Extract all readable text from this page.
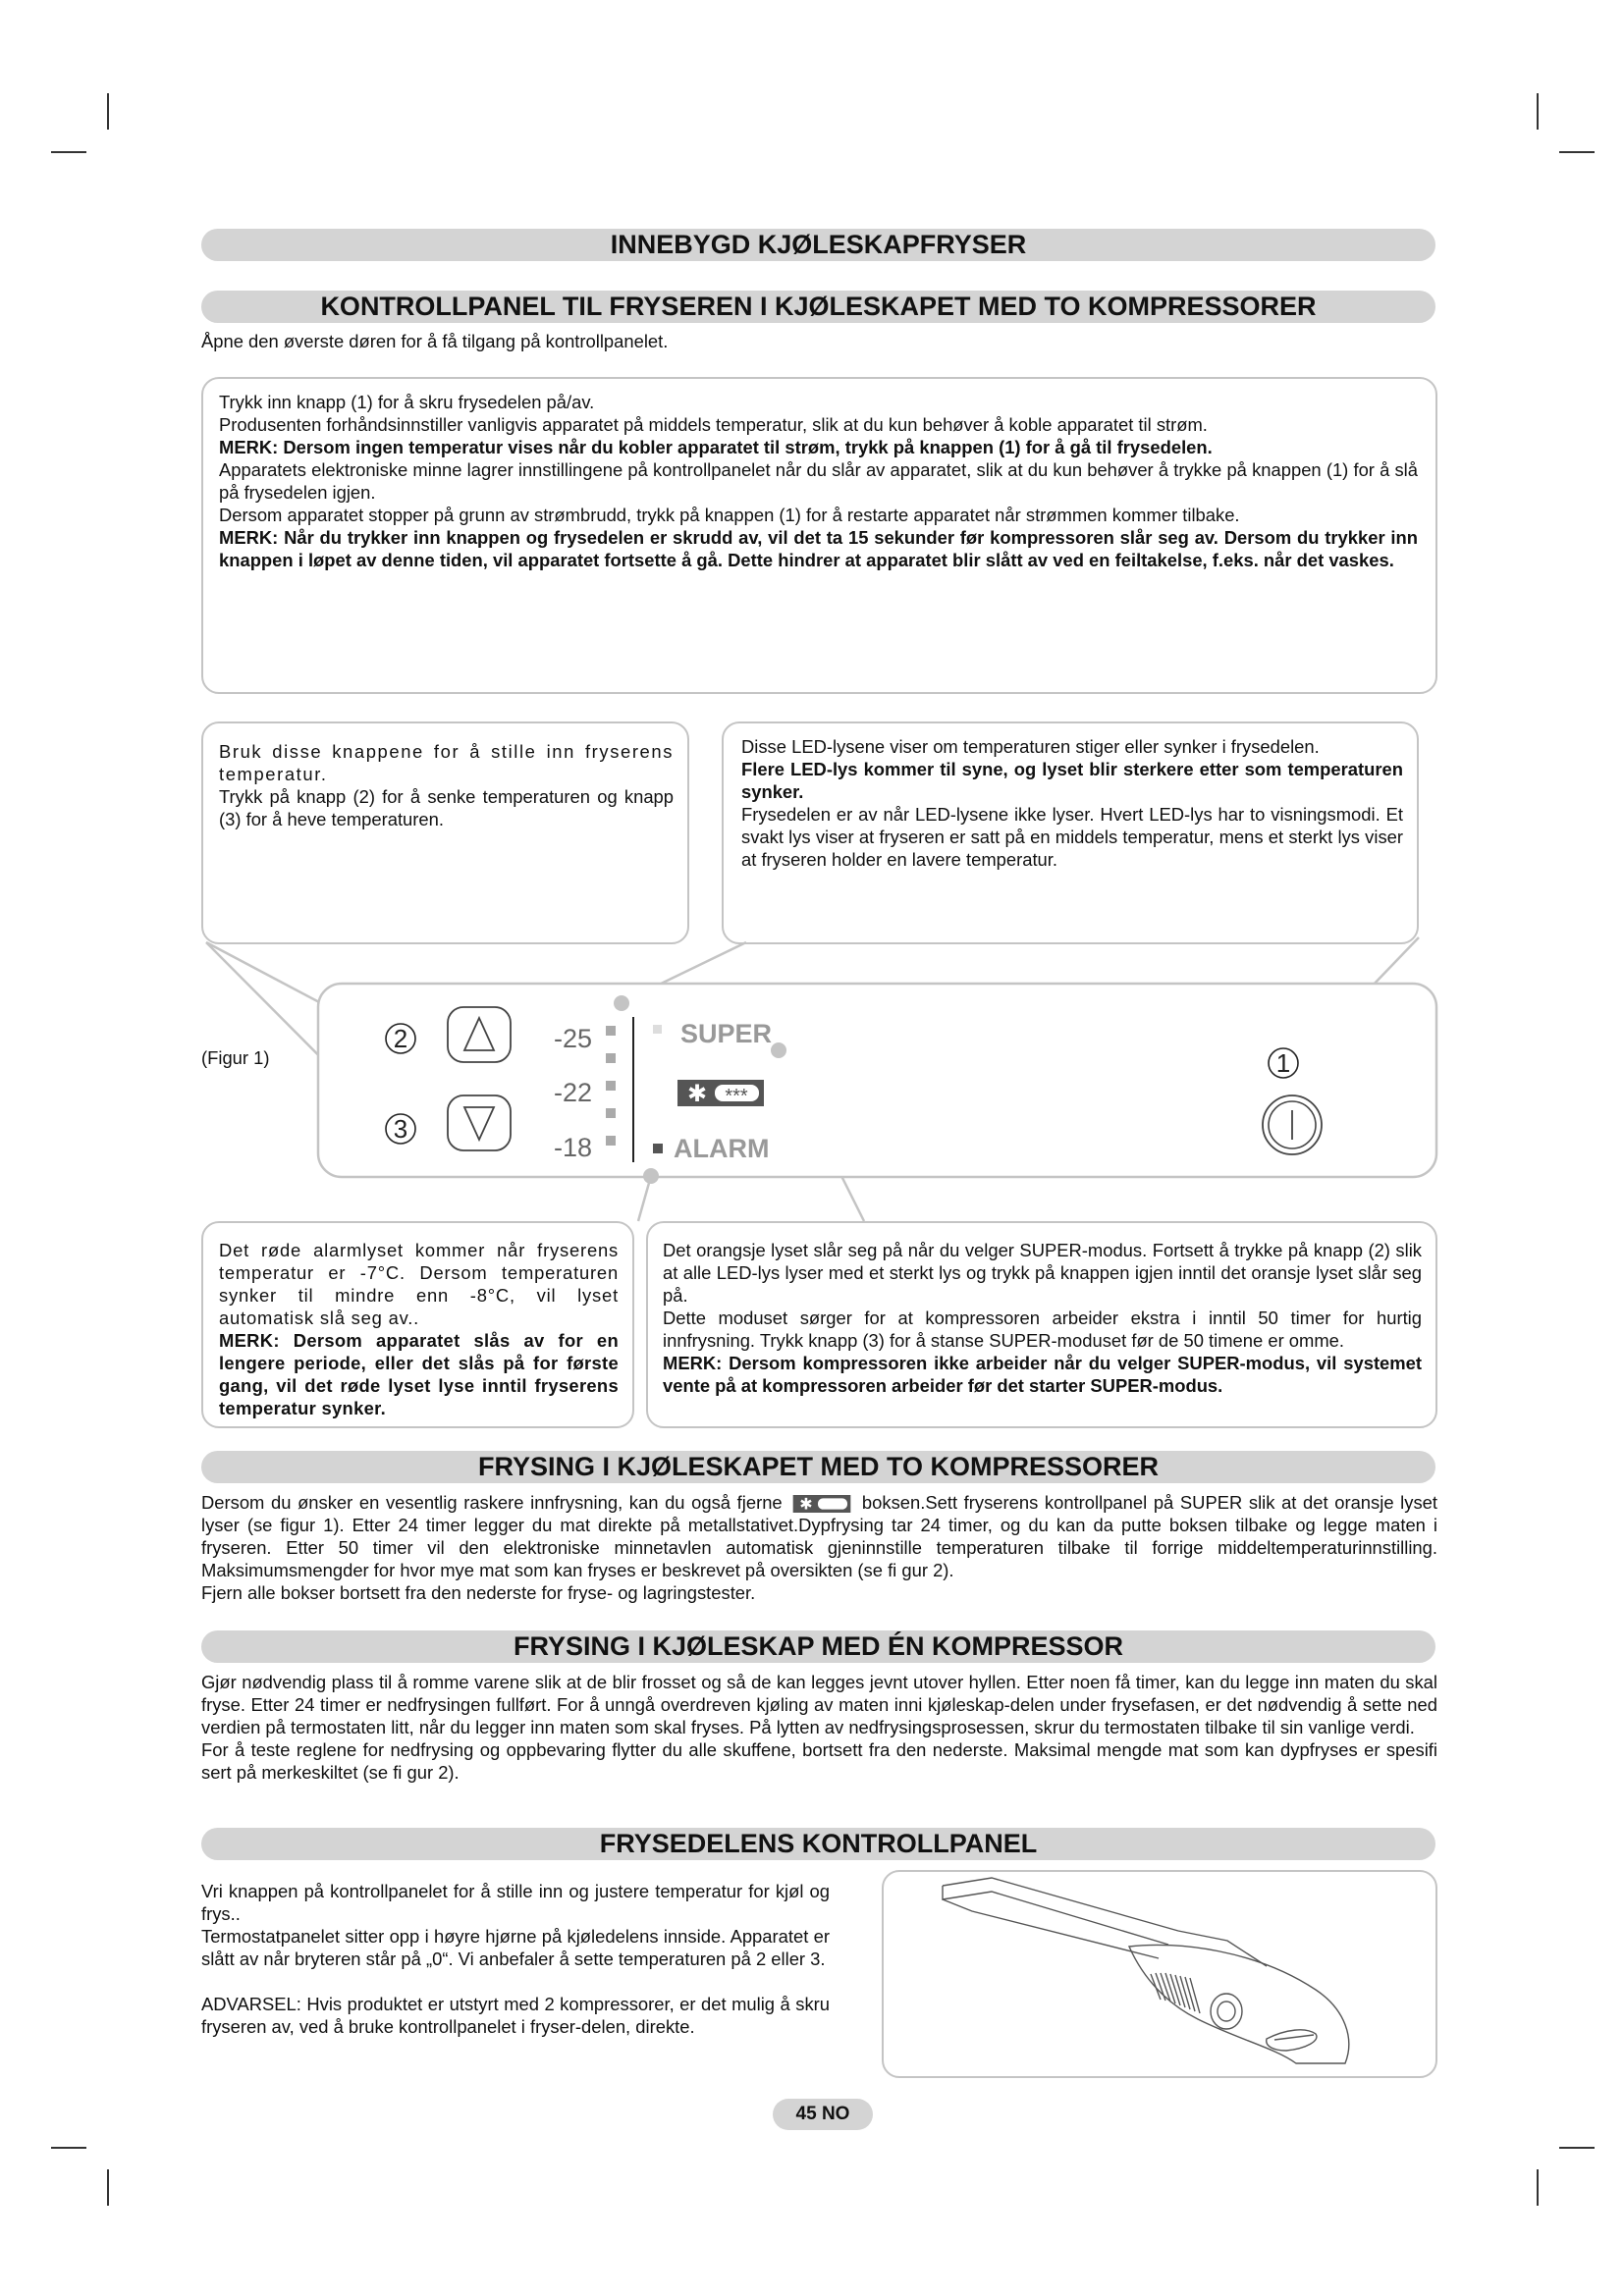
INNEBYGD KJØLESKAPFRYSER
KONTROLLPANEL TIL FRYSEREN I KJØLESKAPET MED TO KOMPRESSORER
Åpne den øverste døren for å få tilgang på kontrollpanelet.

Trykk inn knapp (1) for å skru frysedelen på/av.

Produsenten forhåndsinnstiller vanligvis apparatet på middels temperatur, slik at du kun behøver å koble apparatet til strøm.

MERK: Dersom ingen temperatur vises når du kobler apparatet til strøm, trykk på knappen (1) for å gå til frysedelen.

Apparatets elektroniske minne lagrer innstillingene på kontrollpanelet når du slår av apparatet, slik at du kun behøver å trykke på knappen (1) for å slå på frysedelen igjen.

Dersom apparatet stopper på grunn av strømbrudd, trykk på knappen (1) for å restarte apparatet når strømmen kommer tilbake.

MERK: Når du trykker inn knappen og frysedelen er skrudd av, vil det ta 15 sekunder før kompressoren slår seg av. Dersom du trykker inn knappen i løpet av denne tiden, vil apparatet fortsette å gå. Dette hindrer at apparatet blir slått av ved en feiltakelse, f.eks. når det vaskes.

Bruk disse knappene for å stille inn fryserens temperatur.

Trykk på knapp (2) for å senke temperaturen og knapp (3) for å heve temperaturen.

Disse LED-lysene viser om temperaturen stiger eller synker i frysedelen.

Flere LED-lys kommer til syne, og lyset blir sterkere etter som temperaturen synker.

Frysedelen er av når LED-lysene ikke lyser. Hvert LED-lys har to visningsmodi. Et svakt lys viser at fryseren er satt på en middels temperatur, mens et sterkt lys viser at fryseren holder en lavere temperatur.

(Figur 1)
2
3
1
-25
-22
-18
SUPER
✱ ***
ALARM

Det røde alarmlyset kommer når fryserens temperatur er -7°C. Dersom temperaturen synker til mindre enn -8°C, vil lyset automatisk slå seg av..

MERK: Dersom apparatet slås av for en lengere periode, eller det slås på for første gang, vil det røde lyset lyse inntil fryserens temperatur synker.

Det orangsje lyset slår seg på når du velger SUPER-modus. Fortsett å trykke på knapp (2) slik at alle LED-lys lyser med et sterkt lys og trykk på knappen igjen inntil det oransje lyset slår seg på.

Dette moduset sørger for at kompressoren arbeider ekstra i inntil 50 timer for hurtig innfrysning. Trykk knapp (3) for å stanse SUPER-moduset før de 50 timene er omme.

MERK: Dersom kompressoren ikke arbeider når du velger SUPER-modus, vil systemet vente på at kompressoren arbeider før det starter SUPER-modus.

FRYSING I KJØLESKAPET MED TO KOMPRESSORER

Dersom du ønsker en vesentlig raskere innfrysning, kan du også fjerne ✱	boksen.Sett fryserens kontrollpanel på SUPER slik at det oransje lyset lyser (se figur 1). Etter 24 timer legger du mat direkte på metallstativet.Dypfrysing tar 24 timer, og du kan da putte boksen tilbake og legge maten i fryseren. Etter 50 timer vil den elektroniske minnetavlen automatisk gjeninnstille temperaturen tilbake til forrige middeltemperaturinnstilling. Maksimumsmengder for hvor mye mat som kan fryses er beskrevet på oversikten (se fi gur 2).

Fjern alle bokser bortsett fra den nederste for fryse- og lagringstester.

FRYSING I KJØLESKAP MED ÉN KOMPRESSOR

Gjør nødvendig plass til å romme varene slik at de blir frosset og så de kan legges jevnt utover hyllen. Etter noen få timer, kan du legge inn maten du skal fryse. Etter 24 timer er nedfrysingen fullført. For å unngå overdreven kjøling av maten inni kjøleskap-delen under frysefasen, er det nødvendig å sette ned verdien på termostaten litt, når du legger inn maten som skal fryses. På lytten av nedfrysingsprosessen, skrur du termostaten tilbake til sin vanlige verdi.

For å teste reglene for nedfrysing og oppbevaring flytter du alle skuffene, bortsett fra den nederste. Maksimal mengde mat som kan dypfryses er spesifi sert på merkeskiltet (se fi gur 2).

FRYSEDELENS KONTROLLPANEL

Vri knappen på kontrollpanelet for å stille inn og justere temperatur for kjøl og frys..

Termostatpanelet sitter opp i høyre hjørne på kjøledelens innside. Apparatet er slått av når bryteren står på „0“. Vi anbefaler å sette temperaturen på 2 eller 3.

ADVARSEL: Hvis produktet er utstyrt med 2 kompressorer, er det mulig å skru fryseren av, ved å bruke kontrollpanelet i fryser-delen, direkte.

45 NO
